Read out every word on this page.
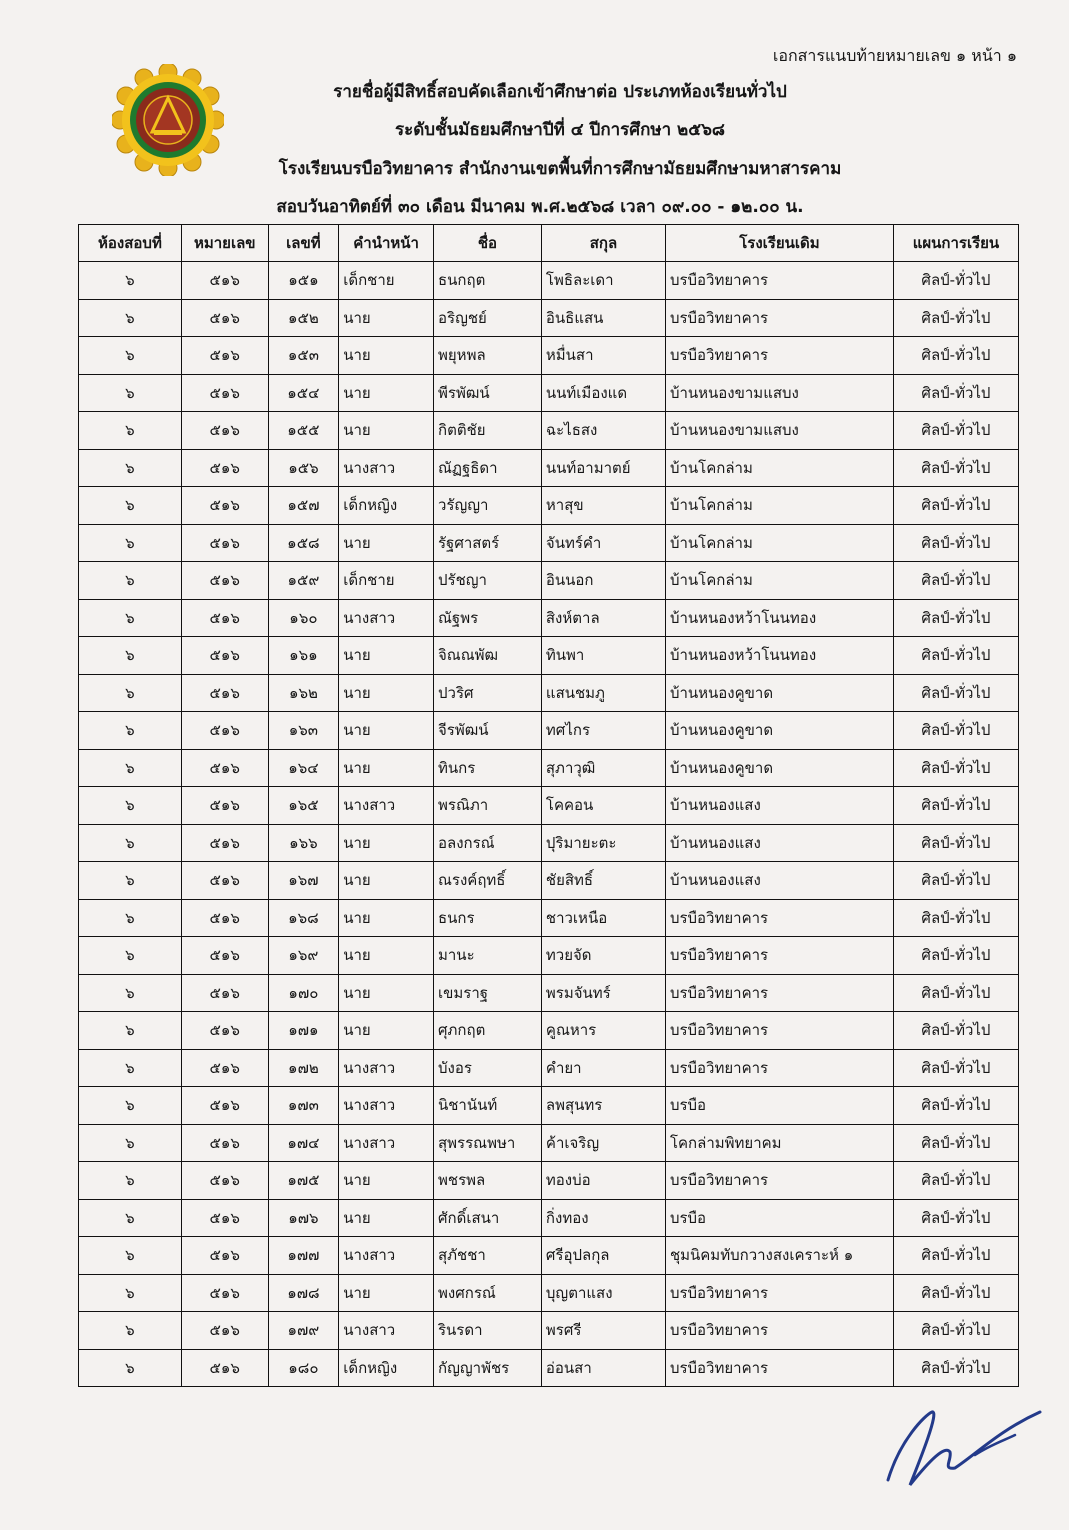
เอกสารแนบท้ายหมายเลข ๑ หน้า ๑
รายชื่อผู้มีสิทธิ์สอบคัดเลือกเข้าศึกษาต่อ ประเภทห้องเรียนทั่วไป
ระดับชั้นมัธยมศึกษาปีที่ ๔ ปีการศึกษา ๒๕๖๘
โรงเรียนบรบือวิทยาคาร สำนักงานเขตพื้นที่การศึกษามัธยมศึกษามหาสารคาม
สอบวันอาทิตย์ที่ ๓๐ เดือน มีนาคม พ.ศ.๒๕๖๘ เวลา ๐๙.๐๐ - ๑๒.๐๐ น.
ห้องสอบที่	หมายเลข	เลขที่	คำนำหน้า	ชื่อ	สกุล	โรงเรียนเดิม	แผนการเรียน
๖	๕๑๖	๑๕๑	เด็กชาย	ธนกฤต	โพธิละเดา	บรบือวิทยาคาร	ศิลป์-ทั่วไป
๖	๕๑๖	๑๕๒	นาย	อริญชย์	อินธิแสน	บรบือวิทยาคาร	ศิลป์-ทั่วไป
๖	๕๑๖	๑๕๓	นาย	พยุหพล	หมื่นสา	บรบือวิทยาคาร	ศิลป์-ทั่วไป
๖	๕๑๖	๑๕๔	นาย	พีรพัฒน์	นนท์เมืองแด	บ้านหนองขามแสบง	ศิลป์-ทั่วไป
๖	๕๑๖	๑๕๕	นาย	กิตติชัย	ฉะไธสง	บ้านหนองขามแสบง	ศิลป์-ทั่วไป
๖	๕๑๖	๑๕๖	นางสาว	ณัฏฐธิดา	นนท์อามาตย์	บ้านโคกล่าม	ศิลป์-ทั่วไป
๖	๕๑๖	๑๕๗	เด็กหญิง	วรัญญา	หาสุข	บ้านโคกล่าม	ศิลป์-ทั่วไป
๖	๕๑๖	๑๕๘	นาย	รัฐศาสตร์	จันทร์คำ	บ้านโคกล่าม	ศิลป์-ทั่วไป
๖	๕๑๖	๑๕๙	เด็กชาย	ปรัชญา	อินนอก	บ้านโคกล่าม	ศิลป์-ทั่วไป
๖	๕๑๖	๑๖๐	นางสาว	ณัฐพร	สิงห์ตาล	บ้านหนองหว้าโนนทอง	ศิลป์-ทั่วไป
๖	๕๑๖	๑๖๑	นาย	จิณณพัฒ	ทินพา	บ้านหนองหว้าโนนทอง	ศิลป์-ทั่วไป
๖	๕๑๖	๑๖๒	นาย	ปวริศ	แสนชมภู	บ้านหนองคูขาด	ศิลป์-ทั่วไป
๖	๕๑๖	๑๖๓	นาย	จีรพัฒน์	ทศไกร	บ้านหนองคูขาด	ศิลป์-ทั่วไป
๖	๕๑๖	๑๖๔	นาย	ทินกร	สุภาวุฒิ	บ้านหนองคูขาด	ศิลป์-ทั่วไป
๖	๕๑๖	๑๖๕	นางสาว	พรณิภา	โคคอน	บ้านหนองแสง	ศิลป์-ทั่วไป
๖	๕๑๖	๑๖๖	นาย	อลงกรณ์	ปุริมายะตะ	บ้านหนองแสง	ศิลป์-ทั่วไป
๖	๕๑๖	๑๖๗	นาย	ณรงค์ฤทธิ์	ชัยสิทธิ์	บ้านหนองแสง	ศิลป์-ทั่วไป
๖	๕๑๖	๑๖๘	นาย	ธนกร	ชาวเหนือ	บรบือวิทยาคาร	ศิลป์-ทั่วไป
๖	๕๑๖	๑๖๙	นาย	มานะ	ทวยจัด	บรบือวิทยาคาร	ศิลป์-ทั่วไป
๖	๕๑๖	๑๗๐	นาย	เขมราฐ	พรมจันทร์	บรบือวิทยาคาร	ศิลป์-ทั่วไป
๖	๕๑๖	๑๗๑	นาย	ศุภกฤต	คูณหาร	บรบือวิทยาคาร	ศิลป์-ทั่วไป
๖	๕๑๖	๑๗๒	นางสาว	บังอร	คำยา	บรบือวิทยาคาร	ศิลป์-ทั่วไป
๖	๕๑๖	๑๗๓	นางสาว	นิชานันท์	ลพสุนทร	บรบือ	ศิลป์-ทั่วไป
๖	๕๑๖	๑๗๔	นางสาว	สุพรรณพษา	ค้าเจริญ	โคกล่ามพิทยาคม	ศิลป์-ทั่วไป
๖	๕๑๖	๑๗๕	นาย	พชรพล	ทองบ่อ	บรบือวิทยาคาร	ศิลป์-ทั่วไป
๖	๕๑๖	๑๗๖	นาย	ศักดิ์เสนา	กิ่งทอง	บรบือ	ศิลป์-ทั่วไป
๖	๕๑๖	๑๗๗	นางสาว	สุภัชชา	ศรีอุปลกุล	ชุมนิคมทับกวางสงเคราะห์ ๑	ศิลป์-ทั่วไป
๖	๕๑๖	๑๗๘	นาย	พงศกรณ์	บุญตาแสง	บรบือวิทยาคาร	ศิลป์-ทั่วไป
๖	๕๑๖	๑๗๙	นางสาว	รินรดา	พรศรี	บรบือวิทยาคาร	ศิลป์-ทั่วไป
๖	๕๑๖	๑๘๐	เด็กหญิง	กัญญาพัชร	อ่อนสา	บรบือวิทยาคาร	ศิลป์-ทั่วไป
